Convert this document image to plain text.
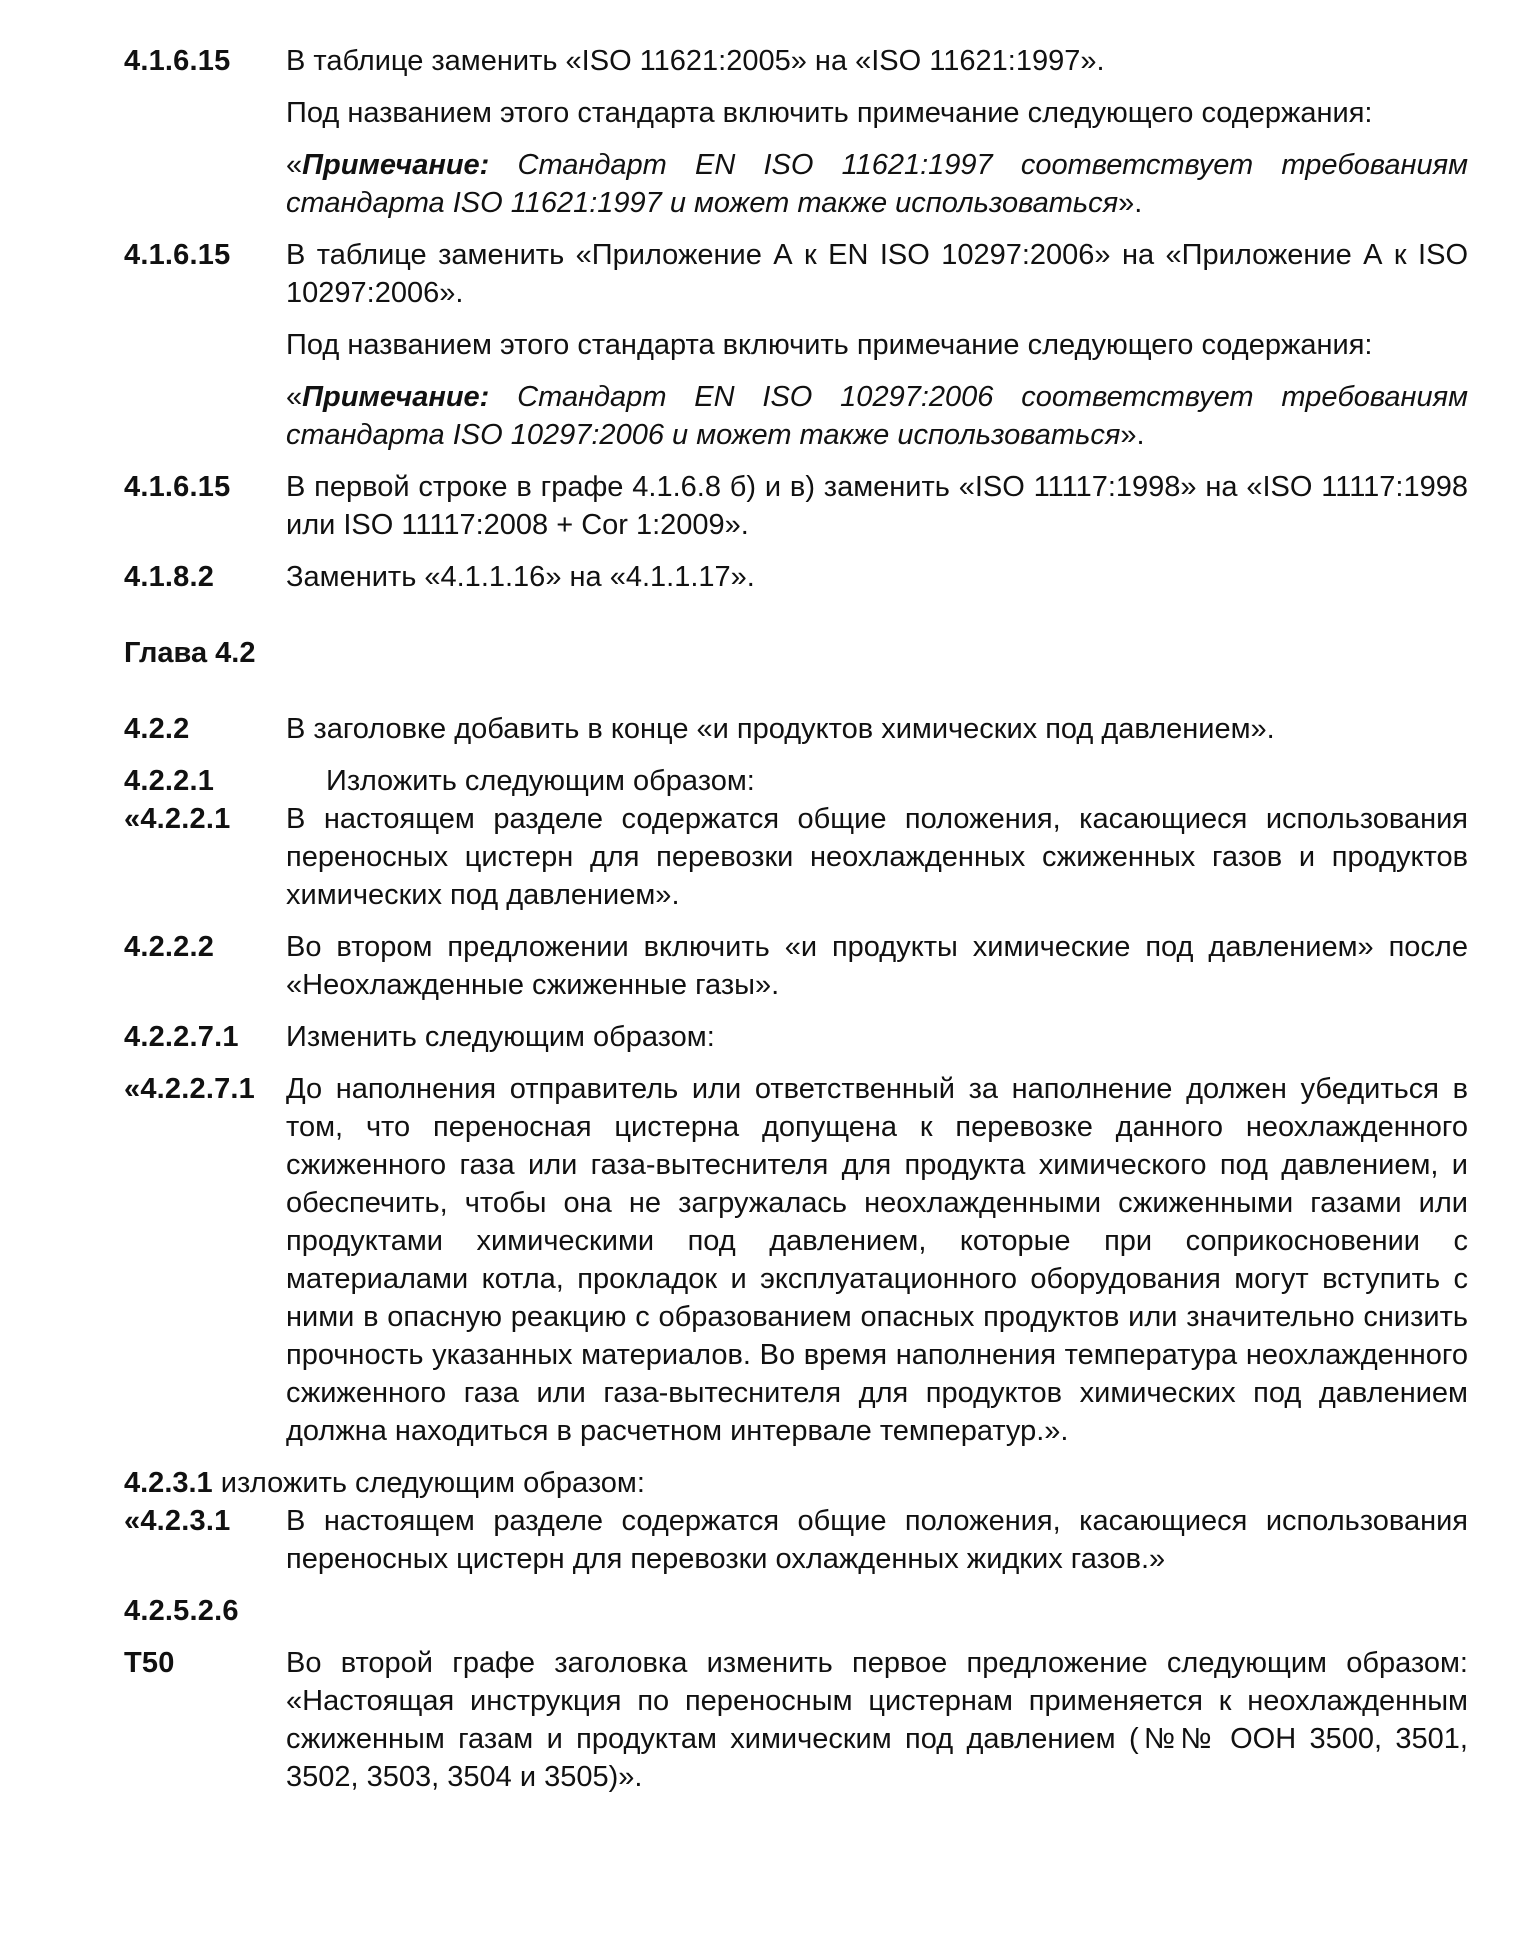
4.1.6.15	В таблице заменить «ISO 11621:2005» на «ISO 11621:1997».
Под названием этого стандарта включить примечание следующего содержания:
«Примечание: Стандарт EN ISO 11621:1997 соответствует требованиям стандарта ISO 11621:1997 и может также использоваться».
4.1.6.15	В таблице заменить «Приложение А к EN ISO 10297:2006» на «Приложение А к ISO 10297:2006».
Под названием этого стандарта включить примечание следующего содержания:
«Примечание: Стандарт EN ISO 10297:2006 соответствует требованиям стандарта ISO 10297:2006 и может также использоваться».
4.1.6.15	В первой строке в графе 4.1.6.8 б) и в) заменить «ISO 11117:1998» на «ISO 11117:1998 или ISO 11117:2008 + Cor 1:2009».
4.1.8.2	Заменить «4.1.1.16» на «4.1.1.17».
Глава 4.2
4.2.2	В заголовке добавить в конце «и продуктов химических под давлением».
4.2.2.1	Изложить следующим образом:
«4.2.2.1	В настоящем разделе содержатся общие положения, касающиеся использования переносных цистерн для перевозки неохлажденных сжиженных газов и продуктов химических под давлением».
4.2.2.2	Во втором предложении включить «и продукты химические под давлением» после «Неохлажденные сжиженные газы».
4.2.2.7.1	Изменить следующим образом:
«4.2.2.7.1	До наполнения отправитель или ответственный за наполнение должен убедиться в том, что переносная цистерна допущена к перевозке данного неохлажденного сжиженного газа или газа-вытеснителя для продукта химического под давлением, и обеспечить, чтобы она не загружалась неохлажденными сжиженными газами или продуктами химическими под давлением, которые при соприкосновении с материалами котла, прокладок и эксплуатационного оборудования могут вступить с ними в опасную реакцию с образованием опасных продуктов или значительно снизить прочность указанных материалов. Во время наполнения температура неохлажденного сжиженного газа или газа-вытеснителя для продуктов химических под давлением должна находиться в расчетном интервале температур.».
4.2.3.1 изложить следующим образом:
«4.2.3.1	В настоящем разделе содержатся общие положения, касающиеся использования переносных цистерн для перевозки охлажденных жидких газов.»
4.2.5.2.6
T50	Во второй графе заголовка изменить первое предложение следующим образом: «Настоящая инструкция по переносным цистернам применяется к неохлажденным сжиженным газам и продуктам химическим под давлением (№№ ООН 3500, 3501, 3502, 3503, 3504 и 3505)».
